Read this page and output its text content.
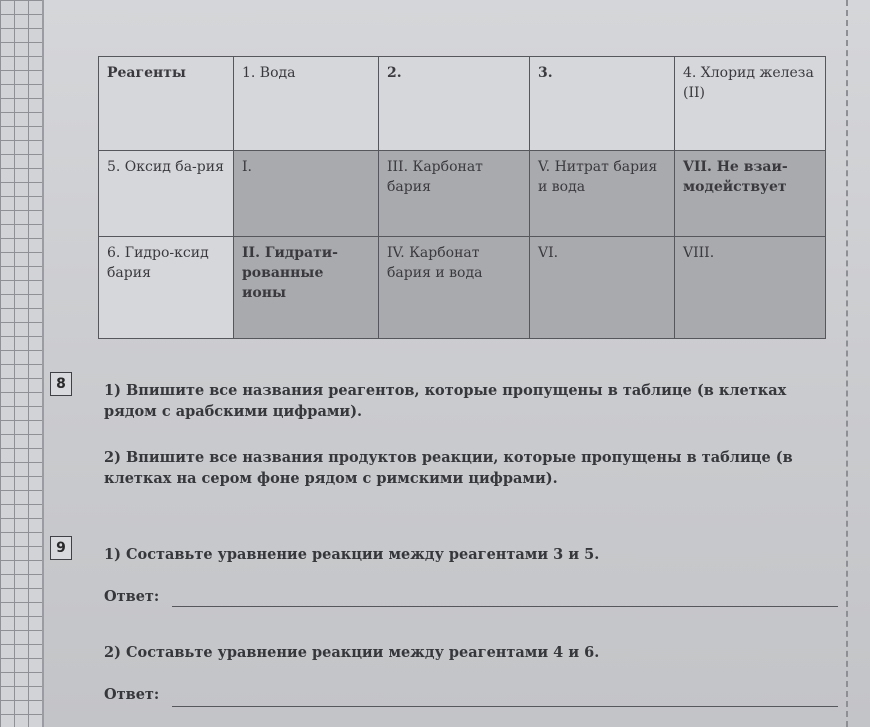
Реагенты	1. Вода	2.	3.	4. Хлорид железа (II)
5. Оксид ба-рия	I.	III. Карбонат бария	V. Нитрат бария и вода	VII. Не взаи-модействует
6. Гидро-ксид бария	II. Гидрати-рованные ионы	IV. Карбонат бария и вода	VI.	VIII.
8	1) Впишите все названия реагентов, которые пропущены в таблице (в клетках рядом с арабскими цифрами).
2) Впишите все названия продуктов реакции, которые пропущены в таблице (в клетках на сером фоне рядом с римскими цифрами).
9	1) Составьте уравнение реакции между реагентами 3 и 5.
Ответ:
2) Составьте уравнение реакции между реагентами 4 и 6.
Ответ:
